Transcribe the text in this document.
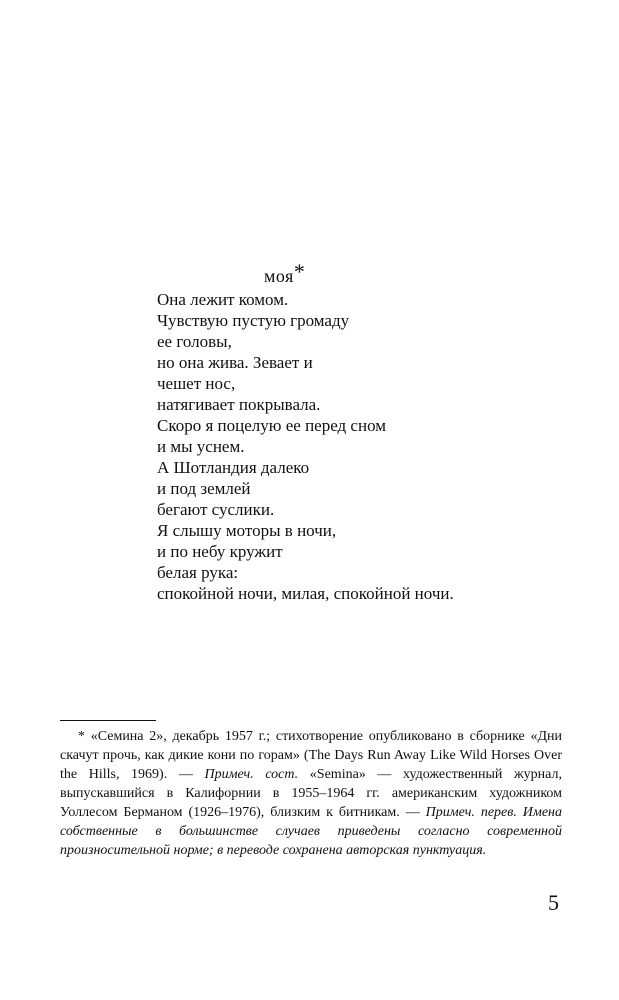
моя*
Она лежит комом.
Чувствую пустую громаду
ее головы,
но она жива. Зевает и
чешет нос,
натягивает покрывала.
Скоро я поцелую ее перед сном
и мы уснем.
А Шотландия далеко
и под землей
бегают суслики.
Я слышу моторы в ночи,
и по небу кружит
белая рука:
спокойной ночи, милая, спокойной ночи.
* «Семина 2», декабрь 1957 г.; стихотворение опубликовано в сборнике «Дни скачут прочь, как дикие кони по горам» (The Days Run Away Like Wild Horses Over the Hills, 1969). — Примеч. сост. «Semina» — художественный журнал, выпускавшийся в Калифорнии в 1955–1964 гг. американским художником Уоллесом Берманом (1926–1976), близким к битникам. — Примеч. перев. Имена собственные в большинстве случаев приведены согласно современной произносительной норме; в переводе сохранена авторская пунктуация.
5
